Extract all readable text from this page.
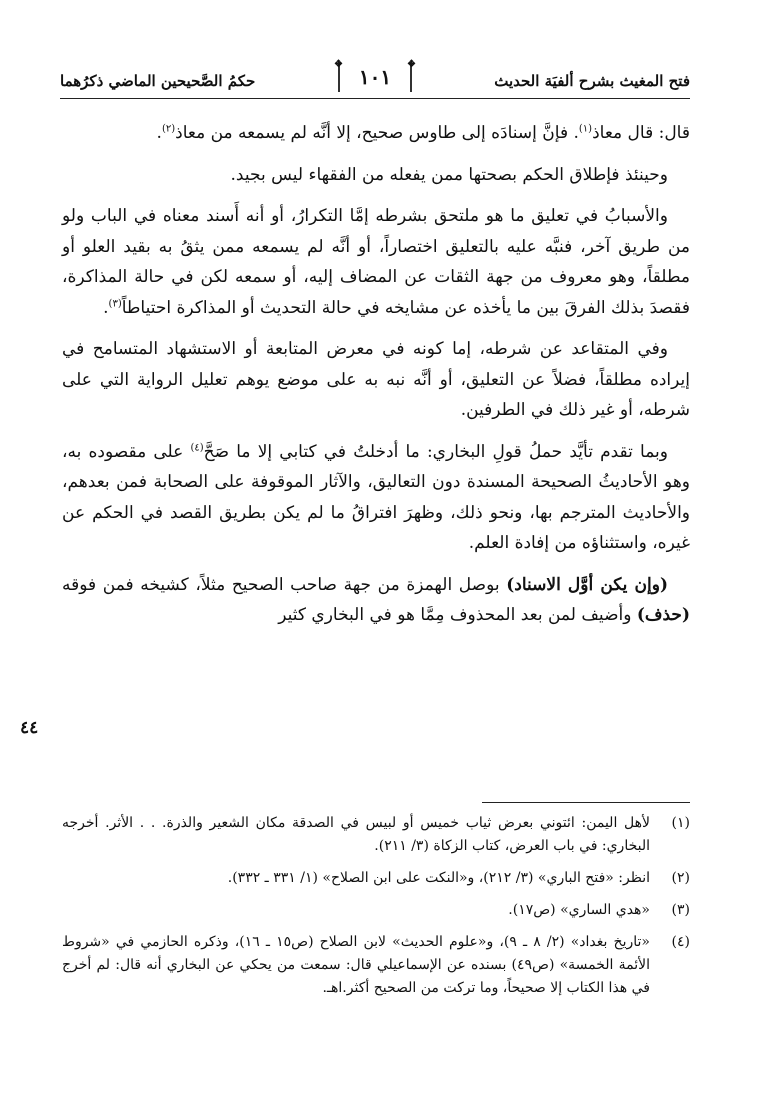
فتح المغيث بشرح ألفيَة الحديث
❖
١٠١
❖
حكمُ الصَّحيحين الماضي ذكرُهما

قال: قال معاذ$^{(١)}$. فإنَّ إسنادَه إلى طاوس صحيح، إلا أنَّه لم يسمعه من معاذ$^{(٢)}$.

وحينئذ فإطلاق الحكم بصحتها ممن يفعله من الفقهاء ليس بجيد.

والأسبابُ في تعليق ما هو ملتحق بشرطه إمَّا التكرارُ، أو أنه أَسند معناه في الباب ولو من طريق آخر، فنبَّه عليه بالتعليق اختصاراً، أو أنَّه لم يسمعه ممن يثقُ به بقيد العلو أو مطلقاً، وهو معروف من جهة الثقات عن المضاف إليه، أو سمعه لكن في حالة المذاكرة، فقصدَ بذلك الفرقَ بين ما يأخذه عن مشايخه في حالة التحديث أو المذاكرة احتياطاً$^{(٣)}$.

وفي المتقاعد عن شرطه، إما كونه في معرض المتابعة أو الاستشهاد المتسامح في إيراده مطلقاً، فضلاً عن التعليق، أو أنَّه نبه به على موضع يوهم تعليل الرواية التي على شرطه، أو غير ذلك في الطرفين.

وبما تقدم تأيَّد حملُ قولِ البخاري: ما أدخلتُ في كتابي إلا ما صَحَّ$^{(٤)}$ على مقصوده به، وهو الأحاديثُ الصحيحة المسندة دون التعاليق، والآثار الموقوفة على الصحابة فمن بعدهم، والأحاديث المترجم بها، ونحو ذلك، وظهرَ افتراقُ ما لم يكن بطريق القصد في الحكم عن غيره، واستثناؤه من إفادة العلم.

(وإن يكن أوَّل الاسناد) بوصل الهمزة من جهة صاحب الصحيح مثلاً، كشيخه فمن فوقه (حذف) وأضيف لمن بعد المحذوف مِمَّا هو في البخاري كثير

٤٤
(١)
لأهل اليمن: ائتوني بعرض ثياب خميس أو لبيس في الصدقة مكان الشعير والذرة. . . الأثر. أخرجه البخاري: في باب العرض، كتاب الزكاة (٣/ ٢١١).
(٢)
انظر: «فتح الباري» (٣/ ٢١٢)، و«النكت على ابن الصلاح» (١/ ٣٣١ ـ ٣٣٢).
(٣)
«هدي الساري» (ص١٧).
(٤)
«تاريخ بغداد» (٢/ ٨ ـ ٩)، و«علوم الحديث» لابن الصلاح (ص١٥ ـ ١٦)، وذكره الحازمي في «شروط الأئمة الخمسة» (ص٤٩) بسنده عن الإسماعيلي قال: سمعت من يحكي عن البخاري أنه قال: لم أخرج في هذا الكتاب إلا صحيحاً، وما تركت من الصحيح أكثر.اهـ.
